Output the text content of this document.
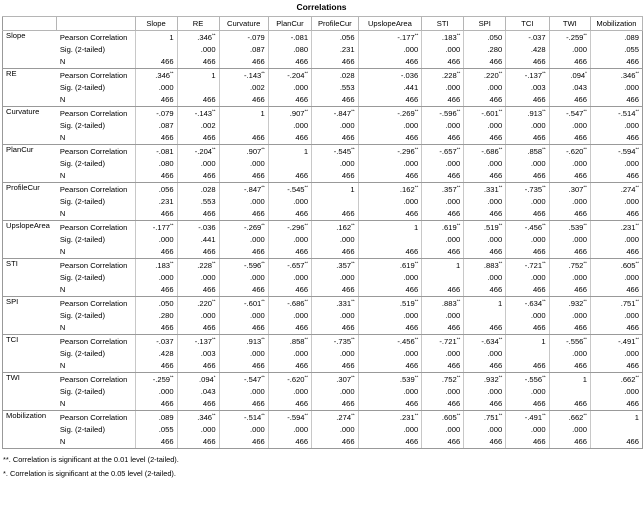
Correlations
		Slope	RE	Curvature	PlanCur	ProfileCur	UpslopeArea	STI	SPI	TCI	TWI	Mobilization
Slope	Pearson Correlation	1	.346**	-.079	-.081	.056	-.177**	.183**	.050	-.037	-.259**	.089
	Sig. (2-tailed)		.000	.087	.080	.231	.000	.000	.280	.428	.000	.055
	N	466	466	466	466	466	466	466	466	466	466	466
RE	Pearson Correlation	.346**	1	-.143**	-.204**	.028	-.036	.228**	.220**	-.137**	.094*	.346**
	Sig. (2-tailed)	.000		.002	.000	.553	.441	.000	.000	.003	.043	.000
	N	466	466	466	466	466	466	466	466	466	466	466
Curvature	Pearson Correlation	-.079	-.143**	1	.907**	-.847**	-.269**	-.596**	-.601**	.913**	-.547**	-.514**
	Sig. (2-tailed)	.087	.002		.000	.000	.000	.000	.000	.000	.000	.000
	N	466	466	466	466	466	466	466	466	466	466	466
PlanCur	Pearson Correlation	-.081	-.204**	.907**	1	-.545**	-.296**	-.657**	-.686**	.858**	-.620**	-.594**
	Sig. (2-tailed)	.080	.000	.000		.000	.000	.000	.000	.000	.000	.000
	N	466	466	466	466	466	466	466	466	466	466	466
ProfileCur	Pearson Correlation	.056	.028	-.847**	-.545**	1	.162**	.357**	.331**	-.735**	.307**	.274**
	Sig. (2-tailed)	.231	.553	.000	.000		.000	.000	.000	.000	.000	.000
	N	466	466	466	466	466	466	466	466	466	466	466
UpslopeArea	Pearson Correlation	-.177**	-.036	-.269**	-.296**	.162**	1	.619**	.519**	-.456**	.539**	.231**
	Sig. (2-tailed)	.000	.441	.000	.000	.000		.000	.000	.000	.000	.000
	N	466	466	466	466	466	466	466	466	466	466	466
STI	Pearson Correlation	.183**	.228**	-.596**	-.657**	.357**	.619**	1	.883**	-.721**	.752**	.605**
	Sig. (2-tailed)	.000	.000	.000	.000	.000	.000		.000	.000	.000	.000
	N	466	466	466	466	466	466	466	466	466	466	466
SPI	Pearson Correlation	.050	.220**	-.601**	-.686**	.331**	.519**	.883**	1	-.634**	.932**	.751**
	Sig. (2-tailed)	.280	.000	.000	.000	.000	.000	.000		.000	.000	.000
	N	466	466	466	466	466	466	466	466	466	466	466
TCI	Pearson Correlation	-.037	-.137**	.913**	.858**	-.735**	-.456**	-.721**	-.634**	1	-.556**	-.491**
	Sig. (2-tailed)	.428	.003	.000	.000	.000	.000	.000	.000		.000	.000
	N	466	466	466	466	466	466	466	466	466	466	466
TWI	Pearson Correlation	-.259**	.094*	-.547**	-.620**	.307**	.539**	.752**	.932**	-.556**	1	.662**
	Sig. (2-tailed)	.000	.043	.000	.000	.000	.000	.000	.000	.000		.000
	N	466	466	466	466	466	466	466	466	466	466	466
Mobilization	Pearson Correlation	.089	.346**	-.514**	-.594**	.274**	.231**	.605**	.751**	-.491**	.662**	1
	Sig. (2-tailed)	.055	.000	.000	.000	.000	.000	.000	.000	.000	.000	
	N	466	466	466	466	466	466	466	466	466	466	466
**. Correlation is significant at the 0.01 level (2-tailed).
*. Correlation is significant at the 0.05 level (2-tailed).
